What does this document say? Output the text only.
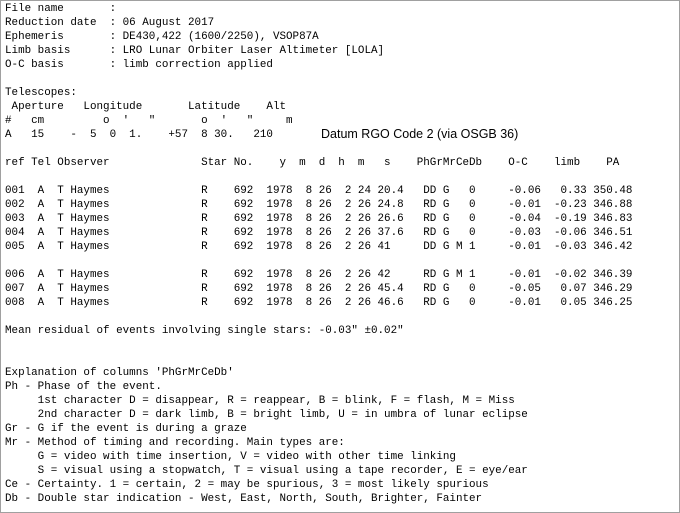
File name       :
Reduction date  : 06 August 2017
Ephemeris       : DE430,422 (1600/2250), VSOP87A
Limb basis      : LRO Lunar Orbiter Laser Altimeter [LOLA]
O-C basis       : limb correction applied
Telescopes:
Aperture   Longitude       Latitude    Alt
#   cm         o  '   "       o  '   "     m
A   15    -  5  0  1.    +57  8 30.   210	Datum RGO Code 2 (via OSGB 36)
ref Tel Observer              Star No.    y  m  d  h  m   s    PhGrMrCeDb    O-C    limb    PA
001  A  T Haymes              R    692  1978  8 26  2 24 20.4   DD G   0     -0.06   0.33 350.48
002  A  T Haymes              R    692  1978  8 26  2 26 24.8   RD G   0     -0.01  -0.23 346.88
003  A  T Haymes              R    692  1978  8 26  2 26 26.6   RD G   0     -0.04  -0.19 346.83
004  A  T Haymes              R    692  1978  8 26  2 26 37.6   RD G   0     -0.03  -0.06 346.51
005  A  T Haymes              R    692  1978  8 26  2 26 41     DD G M 1     -0.01  -0.03 346.42
006  A  T Haymes              R    692  1978  8 26  2 26 42     RD G M 1     -0.01  -0.02 346.39
007  A  T Haymes              R    692  1978  8 26  2 26 45.4   RD G   0     -0.05   0.07 346.29
008  A  T Haymes              R    692  1978  8 26  2 26 46.6   RD G   0     -0.01   0.05 346.25
Mean residual of events involving single stars: -0.03" ±0.02"
Explanation of columns 'PhGrMrCeDb'
Ph - Phase of the event.
1st character D = disappear, R = reappear, B = blink, F = flash, M = Miss
2nd character D = dark limb, B = bright limb, U = in umbra of lunar eclipse
Gr - G if the event is during a graze
Mr - Method of timing and recording. Main types are:
G = video with time insertion, V = video with other time linking
S = visual using a stopwatch, T = visual using a tape recorder, E = eye/ear
Ce - Certainty. 1 = certain, 2 = may be spurious, 3 = most likely spurious
Db - Double star indication - West, East, North, South, Brighter, Fainter
